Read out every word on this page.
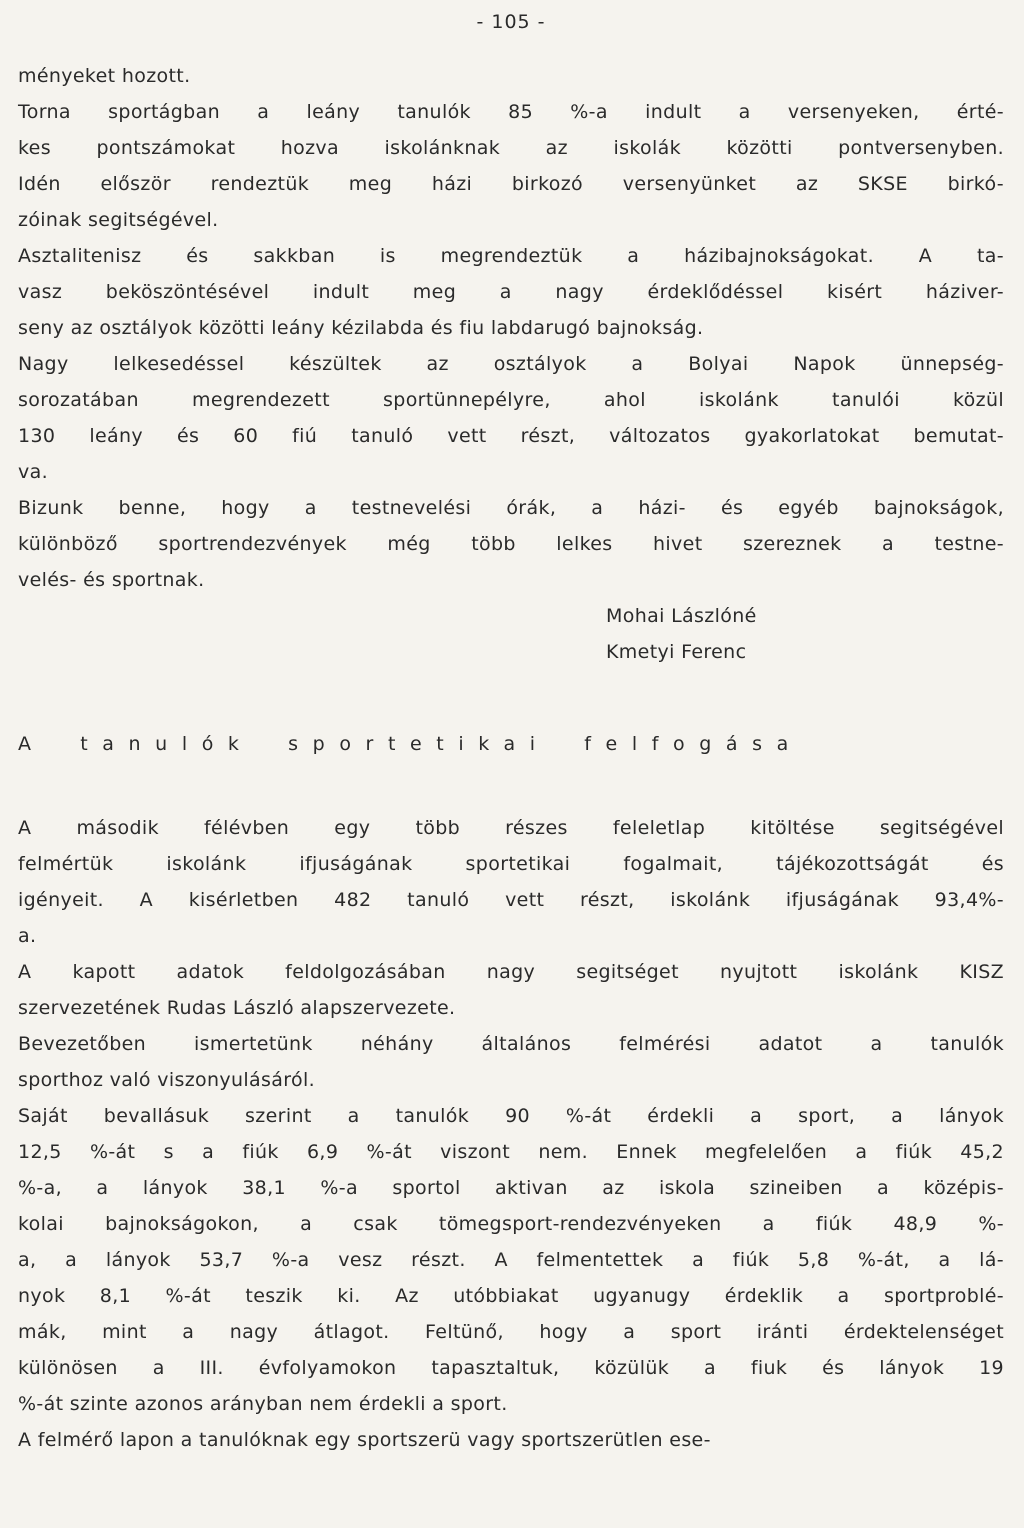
- 105 -
ményeket hozott.
Torna sportágban a leány tanulók 85 %-a indult a versenyeken, érté-
kes pontszámokat hozva iskolánknak az iskolák közötti pontversenyben.
Idén először rendeztük meg házi birkozó versenyünket az SKSE birkó-
zóinak segitségével.
Asztalitenisz és sakkban is megrendeztük a házibajnokságokat. A ta-
vasz beköszöntésével indult meg a nagy érdeklődéssel kisért háziver-
seny az osztályok közötti leány kézilabda és fiu labdarugó bajnokság.
Nagy lelkesedéssel készültek az osztályok a Bolyai Napok ünnepség-
sorozatában megrendezett sportünnepélyre, ahol iskolánk tanulói közül
130 leány és 60 fiú tanuló vett részt, változatos gyakorlatokat bemutat-
va.
Bizunk benne, hogy a testnevelési órák, a házi- és egyéb bajnokságok,
különböző sportrendezvények még több lelkes hivet szereznek a testne-
velés- és sportnak.
Mohai Lászlóné
Kmetyi Ferenc
A tanulók sportetikai felfogása
A második félévben egy több részes feleletlap kitöltése segitségével
felmértük iskolánk ifjuságának sportetikai fogalmait, tájékozottságát és
igényeit. A kisérletben 482 tanuló vett részt, iskolánk ifjuságának 93,4%-
a.
A kapott adatok feldolgozásában nagy segitséget nyujtott iskolánk KISZ
szervezetének Rudas László alapszervezete.
Bevezetőben ismertetünk néhány általános felmérési adatot a tanulók
sporthoz való viszonyulásáról.
Saját bevallásuk szerint a tanulók 90 %-át érdekli a sport, a lányok
12,5 %-át s a fiúk 6,9 %-át viszont nem. Ennek megfelelően a fiúk 45,2
%-a, a lányok 38,1 %-a sportol aktivan az iskola szineiben a középis-
kolai bajnokságokon, a csak tömegsport-rendezvényeken a fiúk 48,9 %-
a, a lányok 53,7 %-a vesz részt. A felmentettek a fiúk 5,8 %-át, a lá-
nyok 8,1 %-át teszik ki. Az utóbbiakat ugyanugy érdeklik a sportproblé-
mák, mint a nagy átlagot. Feltünő, hogy a sport iránti érdektelenséget
különösen a III. évfolyamokon tapasztaltuk, közülük a fiuk és lányok 19
%-át szinte azonos arányban nem érdekli a sport.
A felmérő lapon a tanulóknak egy sportszerü vagy sportszerütlen ese-
